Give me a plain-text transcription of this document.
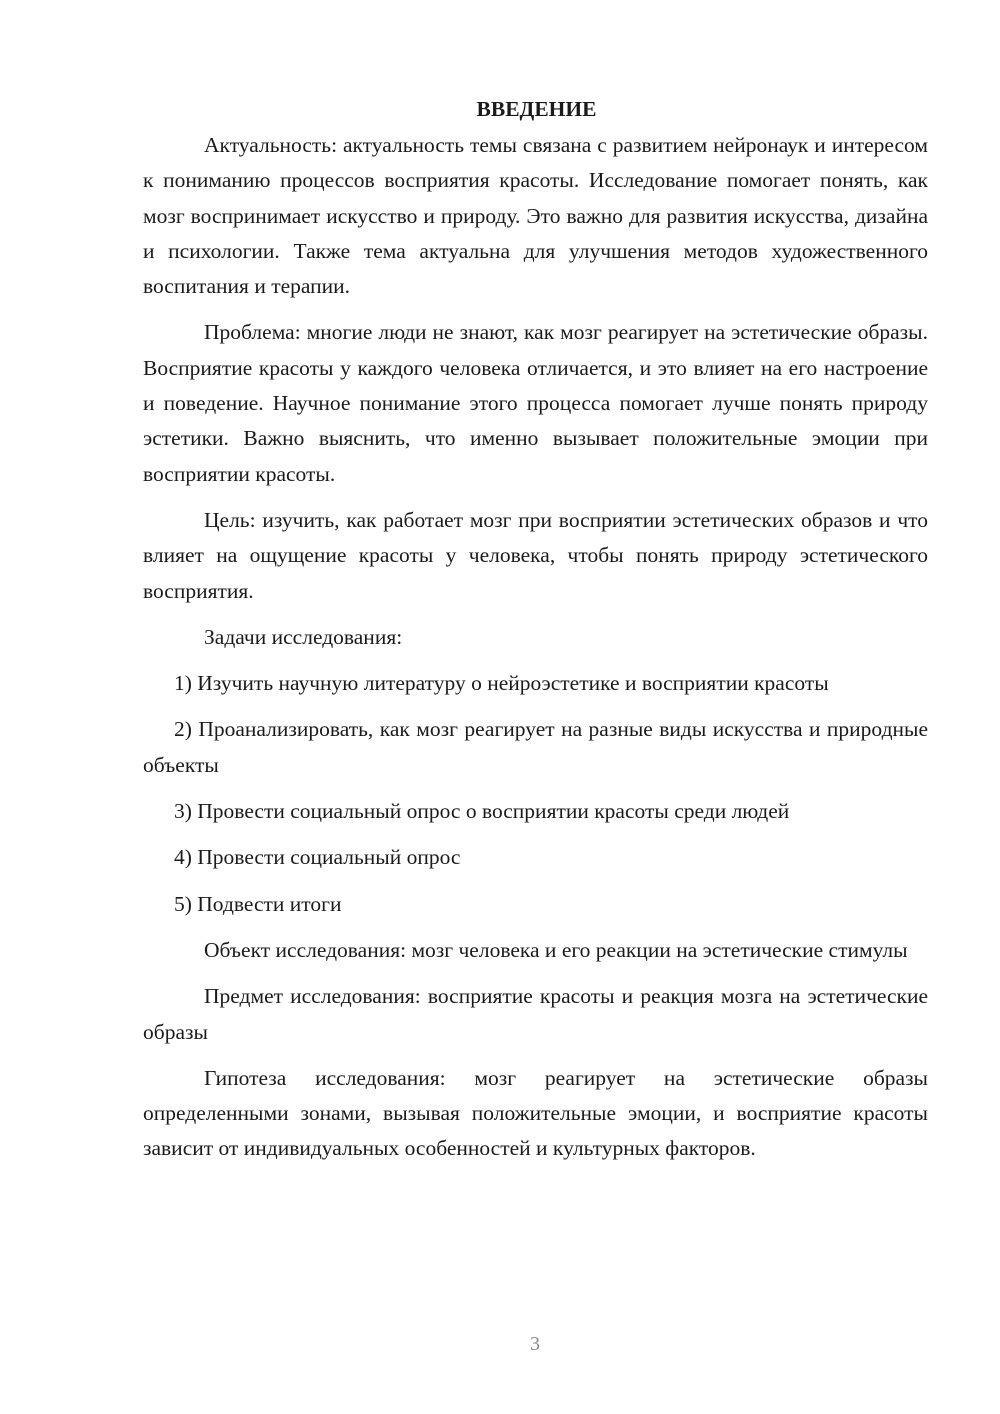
ВВЕДЕНИЕ

Актуальность: актуальность темы связана с развитием нейронаук и интересом к пониманию процессов восприятия красоты. Исследование помогает понять, как мозг воспринимает искусство и природу. Это важно для развития искусства, дизайна и психологии. Также тема актуальна для улучшения методов художественного воспитания и терапии.

Проблема: многие люди не знают, как мозг реагирует на эстетические образы. Восприятие красоты у каждого человека отличается, и это влияет на его настроение и поведение. Научное понимание этого процесса помогает лучше понять природу эстетики. Важно выяснить, что именно вызывает положительные эмоции при восприятии красоты.

Цель: изучить, как работает мозг при восприятии эстетических образов и что влияет на ощущение красоты у человека, чтобы понять природу эстетического восприятия.

Задачи исследования:

1) Изучить научную литературу о нейроэстетике и восприятии красоты

2) Проанализировать, как мозг реагирует на разные виды искусства и природные объекты

3) Провести социальный опрос о восприятии красоты среди людей

4) Провести социальный опрос

5) Подвести итоги

Объект исследования: мозг человека и его реакции на эстетические стимулы

Предмет исследования: восприятие красоты и реакция мозга на эстетические образы

Гипотеза исследования: мозг реагирует на эстетические образы определенными зонами, вызывая положительные эмоции, и восприятие красоты зависит от индивидуальных особенностей и культурных факторов.

3
